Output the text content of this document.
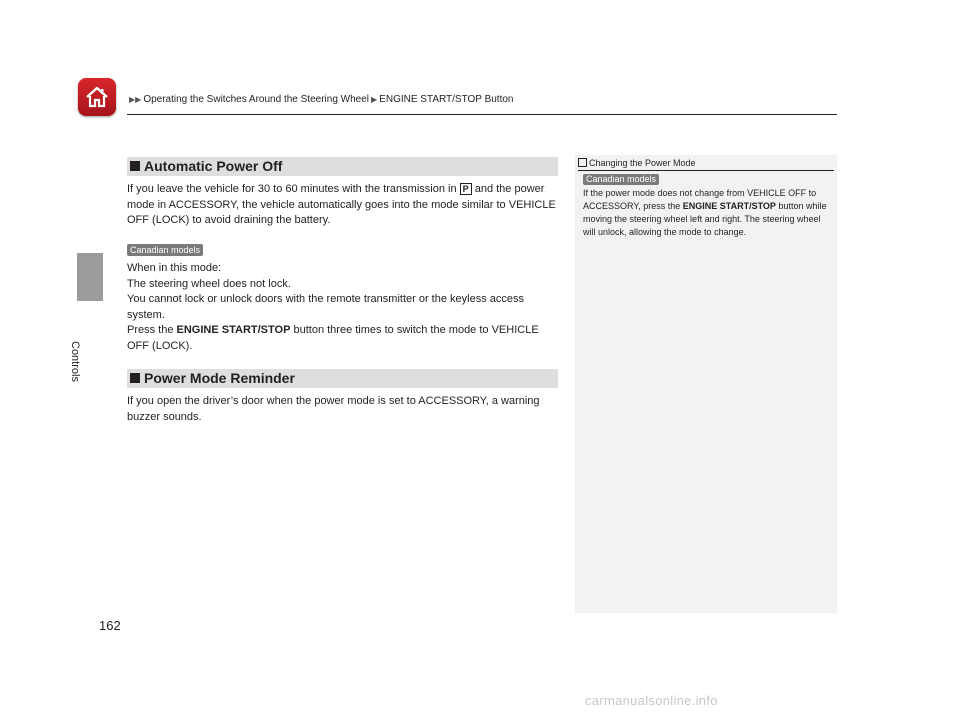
▶▶ Operating the Switches Around the Steering Wheel ▶ ENGINE START/STOP Button
Controls
Automatic Power Off
If you leave the vehicle for 30 to 60 minutes with the transmission in P and the power mode in ACCESSORY, the vehicle automatically goes into the mode similar to VEHICLE OFF (LOCK) to avoid draining the battery.
Canadian models
When in this mode:
The steering wheel does not lock.
You cannot lock or unlock doors with the remote transmitter or the keyless access system.
Press the ENGINE START/STOP button three times to switch the mode to VEHICLE OFF (LOCK).
Power Mode Reminder
If you open the driver’s door when the power mode is set to ACCESSORY, a warning buzzer sounds.
Changing the Power Mode
Canadian models
If the power mode does not change from VEHICLE OFF to ACCESSORY, press the ENGINE START/STOP button while moving the steering wheel left and right. The steering wheel will unlock, allowing the mode to change.
162
carmanualsonline.info
